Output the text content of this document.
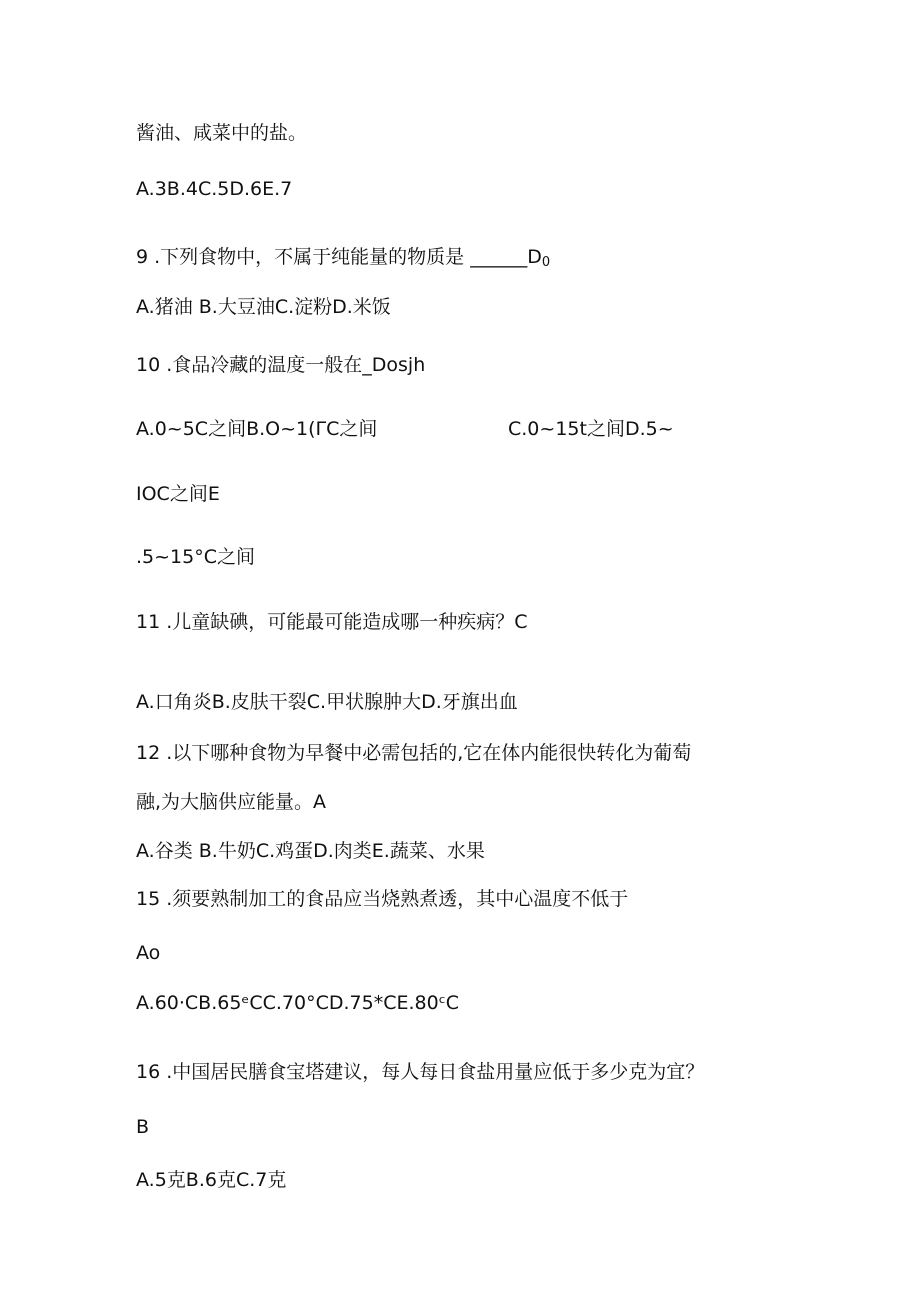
酱油、咸菜中的盐。

A.3B.4C.5D.6E.7

9 .下列食物中，不属于纯能量的物质是 $\_\_\_\_\_\_D_0$

A.猪油 B.大豆油C.淀粉D.米饭

10 .食品冷藏的温度一般在_Dosjh

A.0~5C之间B.O~1(ΓC之间	C.0~15t之间D.5~

IOC之间E

.5~15°C之间

11 .儿童缺碘，可能最可能造成哪一种疾病？C

A.口角炎B.皮肤干裂C.甲状腺肿大D.牙旗出血

12 .以下哪种食物为早餐中必需包括的,它在体内能很快转化为葡萄

融,为大脑供应能量。A

A.谷类 B.牛奶C.鸡蛋D.肉类E.蔬菜、水果

15 .须要熟制加工的食品应当烧熟煮透，其中心温度不低于

Ao

A.60·CB.65ᵉCC.70°CD.75*CE.80ᶜC

16 .中国居民膳食宝塔建议，每人每日食盐用量应低于多少克为宜？

B

A.5克B.6克C.7克
